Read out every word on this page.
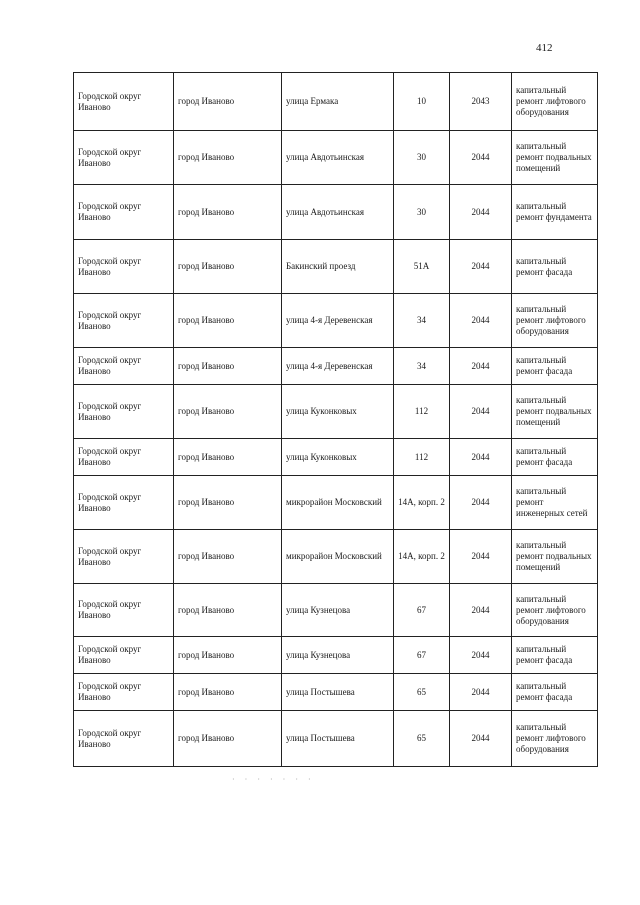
412
Городской округ Иваново	город Иваново	улица Ермака	10	2043	капитальный ремонт лифтового оборудования
Городской округ Иваново	город Иваново	улица Авдотьинская	30	2044	капитальный ремонт подвальных помещений
Городской округ Иваново	город Иваново	улица Авдотьинская	30	2044	капитальный ремонт фундамента
Городской округ Иваново	город Иваново	Бакинский проезд	51А	2044	капитальный ремонт фасада
Городской округ Иваново	город Иваново	улица 4-я Деревенская	34	2044	капитальный ремонт лифтового оборудования
Городской округ Иваново	город Иваново	улица 4-я Деревенская	34	2044	капитальный ремонт фасада
Городской округ Иваново	город Иваново	улица Куконковых	112	2044	капитальный ремонт подвальных помещений
Городской округ Иваново	город Иваново	улица Куконковых	112	2044	капитальный ремонт фасада
Городской округ Иваново	город Иваново	микрорайон Московский	14А, корп. 2	2044	капитальный ремонт инженерных сетей
Городской округ Иваново	город Иваново	микрорайон Московский	14А, корп. 2	2044	капитальный ремонт подвальных помещений
Городской округ Иваново	город Иваново	улица Кузнецова	67	2044	капитальный ремонт лифтового оборудования
Городской округ Иваново	город Иваново	улица Кузнецова	67	2044	капитальный ремонт фасада
Городской округ Иваново	город Иваново	улица Постышева	65	2044	капитальный ремонт фасада
Городской округ Иваново	город Иваново	улица Постышева	65	2044	капитальный ремонт лифтового оборудования
· · · · · · ·
